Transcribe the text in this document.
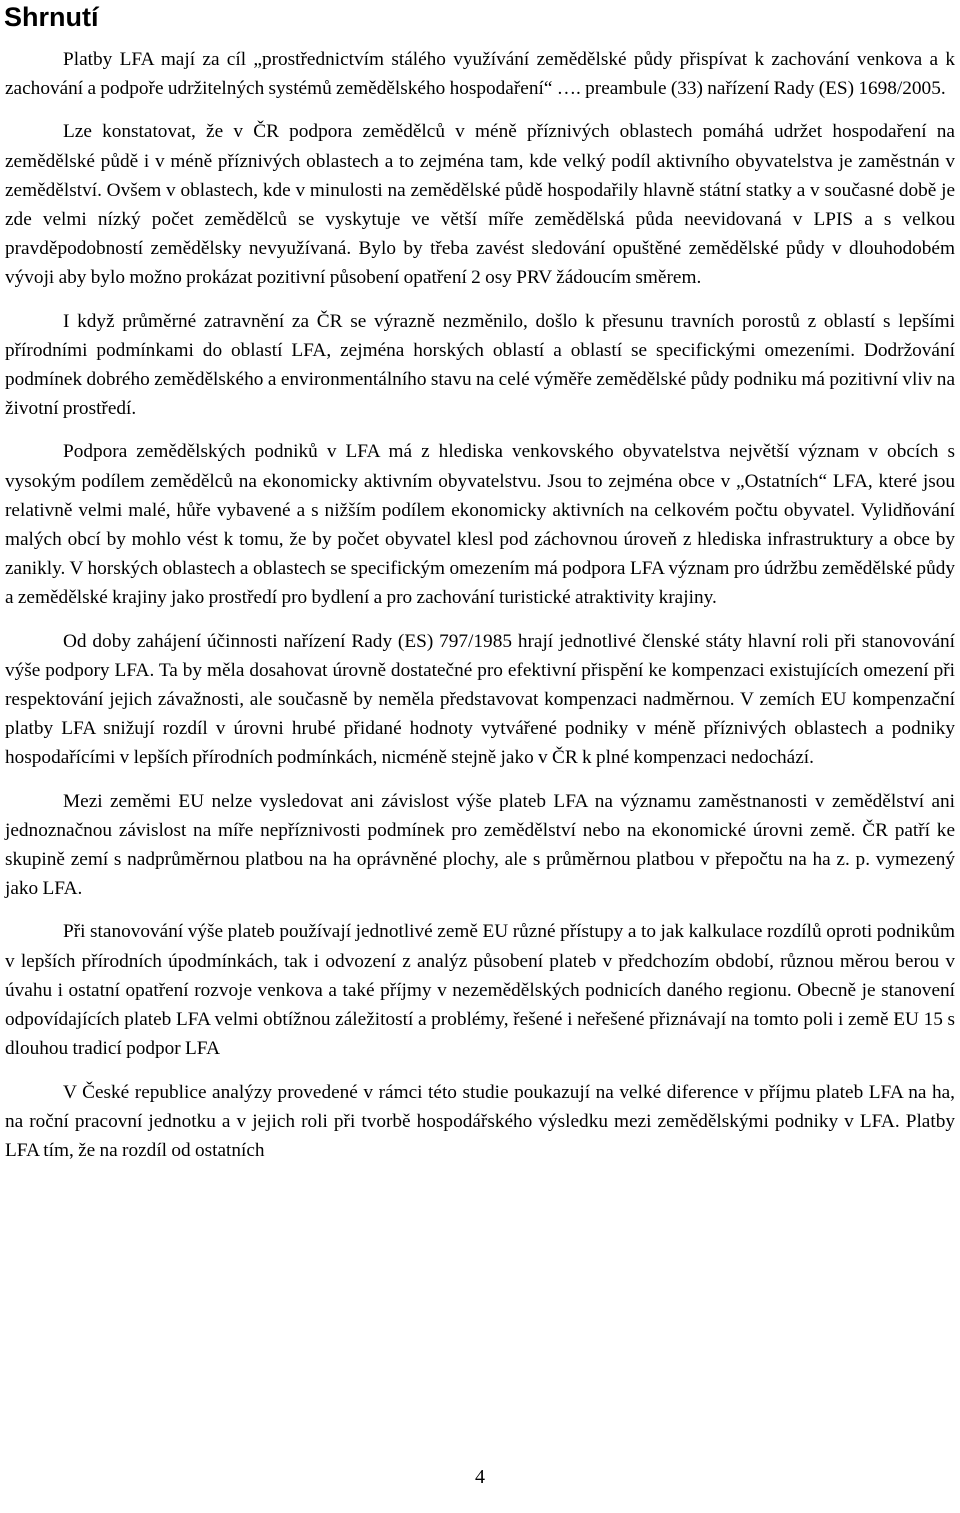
Shrnutí

Platby LFA mají za cíl „prostřednictvím stálého využívání zemědělské půdy přispívat k zachování venkova a k zachování a podpoře udržitelných systémů zemědělského hospodaření“ …. preambule (33) nařízení Rady (ES) 1698/2005.

Lze konstatovat, že v ČR podpora zemědělců v méně příznivých oblastech pomáhá udržet hospodaření na zemědělské půdě i v méně příznivých oblastech a to zejména tam, kde velký podíl aktivního obyvatelstva je zaměstnán v zemědělství. Ovšem v oblastech, kde v minulosti na zemědělské půdě hospodařily hlavně státní statky a v současné době je zde velmi nízký počet zemědělců se vyskytuje ve větší míře zemědělská půda neevidovaná v LPIS a s velkou pravděpodobností zemědělsky nevyužívaná. Bylo by třeba zavést sledování opuštěné zemědělské půdy v dlouhodobém vývoji aby bylo možno prokázat pozitivní působení opatření 2 osy PRV žádoucím směrem.

I když průměrné zatravnění za ČR se výrazně nezměnilo, došlo k přesunu travních porostů z oblastí s lepšími přírodními podmínkami do oblastí LFA, zejména horských oblastí a oblastí se specifickými omezeními. Dodržování podmínek dobrého zemědělského a environmentálního stavu na celé výměře zemědělské půdy podniku má pozitivní vliv na životní prostředí.

Podpora zemědělských podniků v LFA má z hlediska venkovského obyvatelstva největší význam v obcích s vysokým podílem zemědělců na ekonomicky aktivním obyvatelstvu. Jsou to zejména obce v „Ostatních“ LFA, které jsou relativně velmi malé, hůře vybavené a s nižším podílem ekonomicky aktivních na celkovém počtu obyvatel. Vylidňování malých obcí by mohlo vést k tomu, že by počet obyvatel klesl pod záchovnou úroveň z hlediska infrastruktury a obce by zanikly. V horských oblastech a oblastech se specifickým omezením má podpora LFA význam pro údržbu zemědělské půdy a zemědělské krajiny jako prostředí pro bydlení a pro zachování turistické atraktivity krajiny.

Od doby zahájení účinnosti nařízení Rady (ES) 797/1985 hrají jednotlivé členské státy hlavní roli při stanovování výše podpory LFA. Ta by měla dosahovat úrovně dostatečné pro efektivní přispění ke kompenzaci existujících omezení při respektování jejich závažnosti, ale současně by neměla představovat kompenzaci nadměrnou. V zemích EU kompenzační platby LFA snižují rozdíl v úrovni hrubé přidané hodnoty vytvářené podniky v méně příznivých oblastech a podniky hospodařícími v lepších přírodních podmínkách, nicméně stejně jako v ČR k plné kompenzaci nedochází.

Mezi zeměmi EU nelze vysledovat ani závislost výše plateb LFA na významu zaměstnanosti v zemědělství ani jednoznačnou závislost na míře nepříznivosti podmínek pro zemědělství nebo na ekonomické úrovni země. ČR patří ke skupině zemí s nadprůměrnou platbou na ha oprávněné plochy, ale s průměrnou platbou v přepočtu na ha z. p. vymezený jako LFA.

Při stanovování výše plateb používají jednotlivé země EU různé přístupy a to jak kalkulace rozdílů oproti podnikům v lepších přírodních úpodmínkách, tak i odvození z analýz působení plateb v předchozím období, různou měrou berou v úvahu i ostatní opatření rozvoje venkova a také příjmy v nezemědělských podnicích daného regionu. Obecně je stanovení odpovídajících plateb LFA velmi obtížnou záležitostí a problémy, řešené i neřešené přiznávají na tomto poli i země EU 15 s dlouhou tradicí podpor LFA

V České republice analýzy provedené v rámci této studie poukazují na velké diference v příjmu plateb LFA na ha, na roční pracovní jednotku a v jejich roli při tvorbě hospodářského výsledku mezi zemědělskými podniky v LFA. Platby LFA tím, že na rozdíl od ostatních

4
